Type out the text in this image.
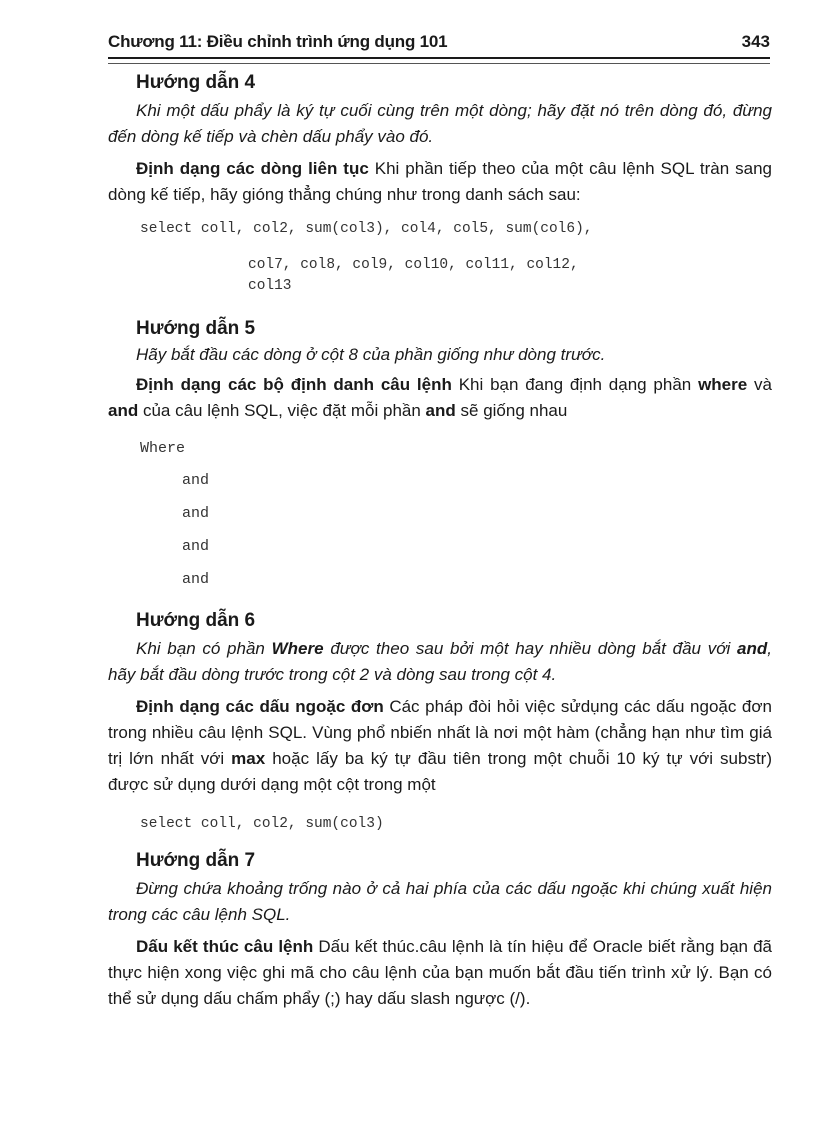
Chương 11: Điều chỉnh trình ứng dụng 101	343
Hướng dẫn 4

Khi một dấu phẩy là ký tự cuối cùng trên một dòng; hãy đặt nó trên dòng đó, đừng đến dòng kế tiếp và chèn dấu phẩy vào đó.

Định dạng các dòng liên tục Khi phần tiếp theo của một câu lệnh SQL tràn sang dòng kế tiếp, hãy gióng thẳng chúng như trong danh sách sau:

select coll, col2, sum(col3), col4, col5, sum(col6),
col7, col8, col9, col10, col11, col12,
col13
Hướng dẫn 5

Hãy bắt đầu các dòng ở cột 8 của phần giống như dòng trước.

Định dạng các bộ định danh câu lệnh Khi bạn đang định dạng phần where và and của câu lệnh SQL, việc đặt mỗi phần and sẽ giống nhau

Where
and
and
and
and
Hướng dẫn 6

Khi bạn có phần Where được theo sau bởi một hay nhiều dòng bắt đầu với and, hãy bắt đầu dòng trước trong cột 2 và dòng sau trong cột 4.

Định dạng các dấu ngoặc đơn Các pháp đòi hỏi việc sửdụng các dấu ngoặc đơn trong nhiều câu lệnh SQL. Vùng phổ nbiến nhất là nơi một hàm (chẳng hạn như tìm giá trị lớn nhất với max hoặc lấy ba ký tự đầu tiên trong một chuỗi 10 ký tự với substr) được sử dụng dưới dạng một cột trong một

select coll, col2, sum(col3)
Hướng dẫn 7

Đừng chứa khoảng trống nào ở cả hai phía của các dấu ngoặc khi chúng xuất hiện trong các câu lệnh SQL.

Dấu kết thúc câu lệnh Dấu kết thúc.câu lệnh là tín hiệu để Oracle biết rằng bạn đã thực hiện xong việc ghi mã cho câu lệnh của bạn muốn bắt đầu tiến trình xử lý. Bạn có thể sử dụng dấu chấm phẩy (;) hay dấu slash ngược (/).
